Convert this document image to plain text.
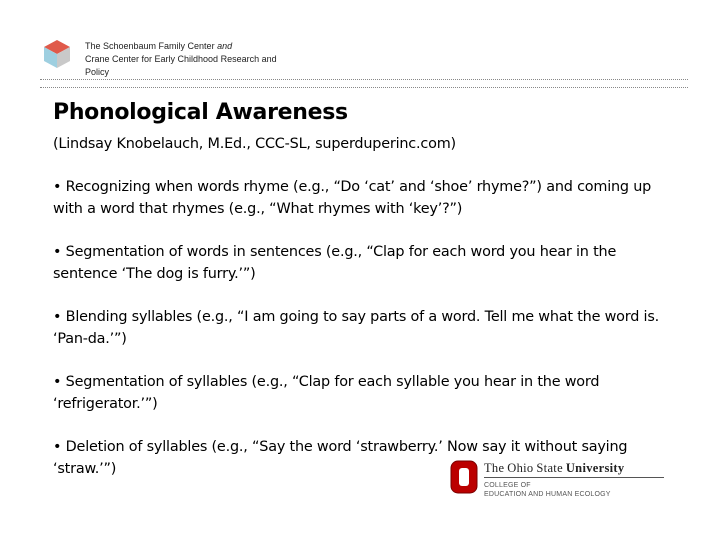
The Schoenbaum Family Center and
Crane Center for Early Childhood Research and
Policy
Phonological Awareness

(Lindsay Knobelauch, M.Ed., CCC-SL, superduperinc.com)

• Recognizing when words rhyme (e.g., “Do ‘cat’ and ‘shoe’ rhyme?”) and coming up with a word that rhymes (e.g., “What rhymes with ‘key’?”)

• Segmentation of words in sentences (e.g., “Clap for each word you hear in the sentence ‘The dog is furry.’”)

• Blending syllables (e.g., “I am going to say parts of a word. Tell me what the word is. ‘Pan-da.’”)

• Segmentation of syllables (e.g., “Clap for each syllable you hear in the word ‘refrigerator.’”)

• Deletion of syllables (e.g., “Say the word ‘strawberry.’ Now say it without saying ‘straw.’”)	The Ohio State University
COLLEGE OF
EDUCATION AND HUMAN ECOLOGY
